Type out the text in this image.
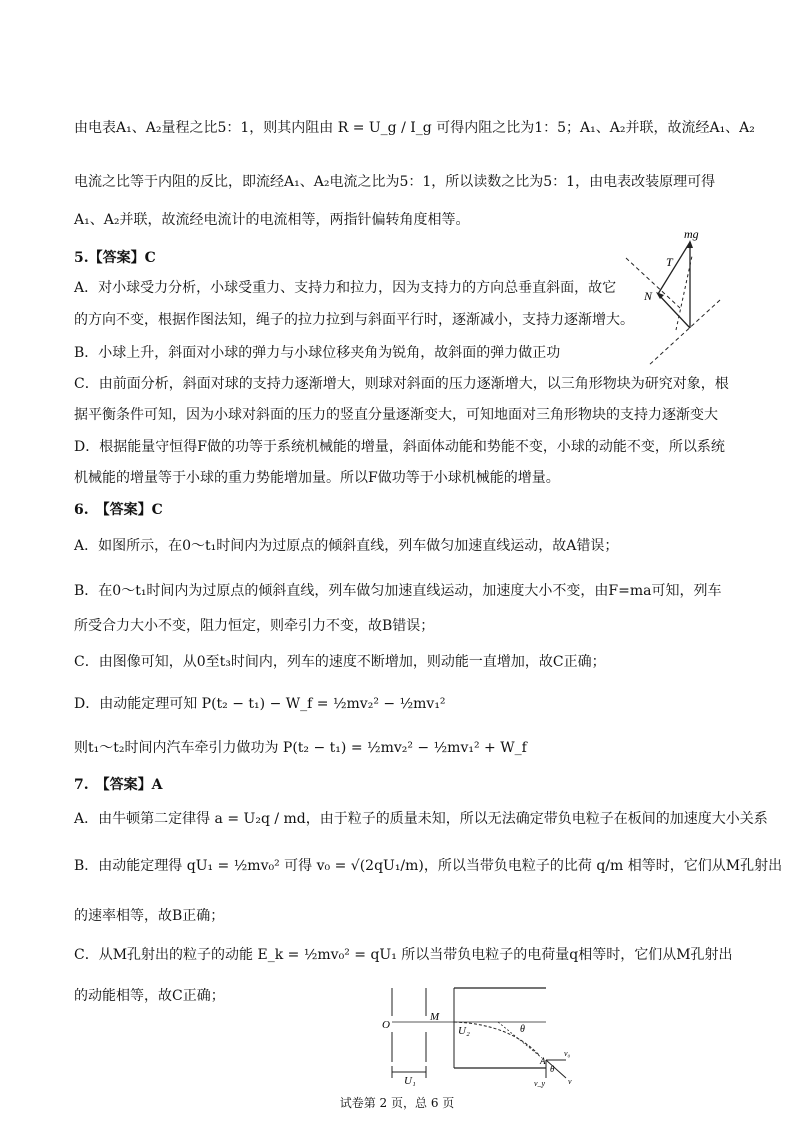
由电表A₁、A₂量程之比5：1，则其内阻由 R = U_g / I_g 可得内阻之比为1：5；A₁、A₂并联，故流经A₁、A₂
电流之比等于内阻的反比，即流经A₁、A₂电流之比为5：1，所以读数之比为5：1，由电表改装原理可得
A₁、A₂并联，故流经电流计的电流相等，两指针偏转角度相等。
5.【答案】C
A．对小球受力分析，小球受重力、支持力和拉力，因为支持力的方向总垂直斜面，故它
的方向不变，根据作图法知，绳子的拉力拉到与斜面平行时，逐渐减小，支持力逐渐增大。
B．小球上升，斜面对小球的弹力与小球位移夹角为锐角，故斜面的弹力做正功
C．由前面分析，斜面对球的支持力逐渐增大，则球对斜面的压力逐渐增大，以三角形物块为研究对象，根
据平衡条件可知，因为小球对斜面的压力的竖直分量逐渐变大，可知地面对三角形物块的支持力逐渐变大
D．根据能量守恒得F做的功等于系统机械能的增量，斜面体动能和势能不变，小球的动能不变，所以系统
机械能的增量等于小球的重力势能增加量。所以F做功等于小球机械能的增量。
6.　【答案】C
A．如图所示，在0～t₁时间内为过原点的倾斜直线，列车做匀加速直线运动，故A错误；
B．在0～t₁时间内为过原点的倾斜直线，列车做匀加速直线运动，加速度大小不变，由F=ma可知，列车
所受合力大小不变，阻力恒定，则牵引力不变，故B错误；
C．由图像可知，从0至t₃时间内，列车的速度不断增加，则动能一直增加，故C正确；
D．由动能定理可知 P(t₂ − t₁) − W_f = ½mv₂² − ½mv₁²
则t₁～t₂时间内汽车牵引力做功为 P(t₂ − t₁) = ½mv₂² − ½mv₁² + W_f
7.　【答案】A
A．由牛顿第二定律得 a = U₂q / md，由于粒子的质量未知，所以无法确定带负电粒子在板间的加速度大小关系
B．由动能定理得 qU₁ = ½mv₀² 可得 v₀ = √(2qU₁/m)，所以当带负电粒子的比荷 q/m 相等时，它们从M孔射出
的速率相等，故B正确；
C．从M孔射出的粒子的动能 E_k = ½mv₀² = qU₁ 所以当带负电粒子的电荷量q相等时，它们从M孔射出
的动能相等，故C正确；
mg
T
N
O
M
U₁
U₂	θ
A
θ
v₀
v_y	v
试卷第 2 页，总 6 页
